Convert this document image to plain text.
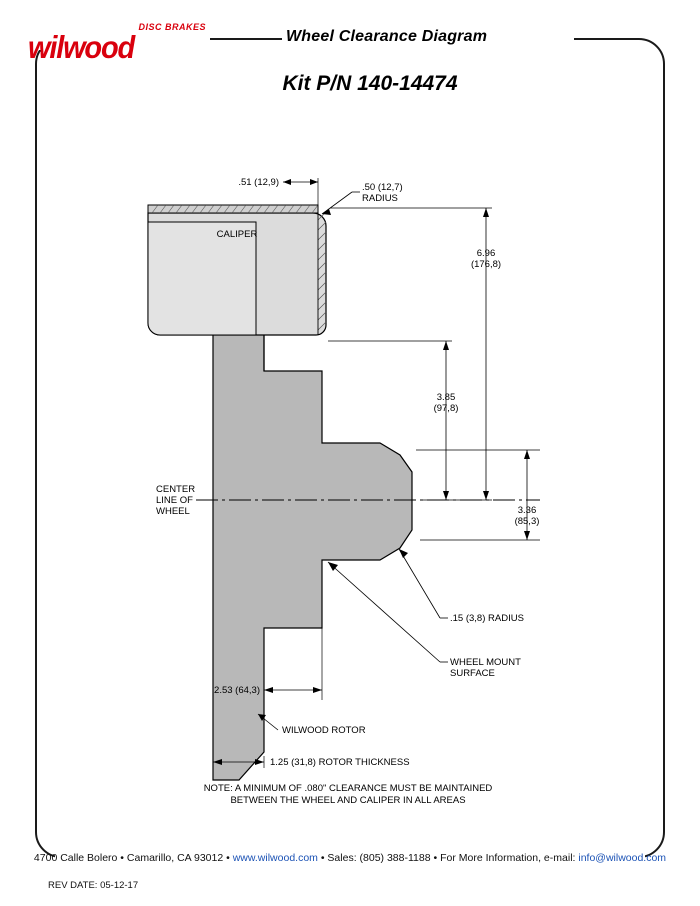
DISC BRAKES
wilwood	Wheel Clearance Diagram
Kit P/N 140-14474
CALIPER
CENTER
LINE OF
WHEEL
.51 (12,9)	.50 (12,7)
RADIUS
6.96
(176,8)
3.85
(97,8)
3.36
(85,3)
.15 (3,8) RADIUS
WHEEL MOUNT
SURFACE
2.53 (64,3)
WILWOOD ROTOR
1.25 (31,8) ROTOR THICKNESS
NOTE: A MINIMUM OF .080" CLEARANCE MUST BE MAINTAINED
BETWEEN THE WHEEL AND CALIPER IN ALL AREAS
4700 Calle Bolero • Camarillo, CA 93012 • www.wilwood.com • Sales: (805) 388-1188 • For More Information, e-mail: info@wilwood.com
REV DATE: 05-12-17
